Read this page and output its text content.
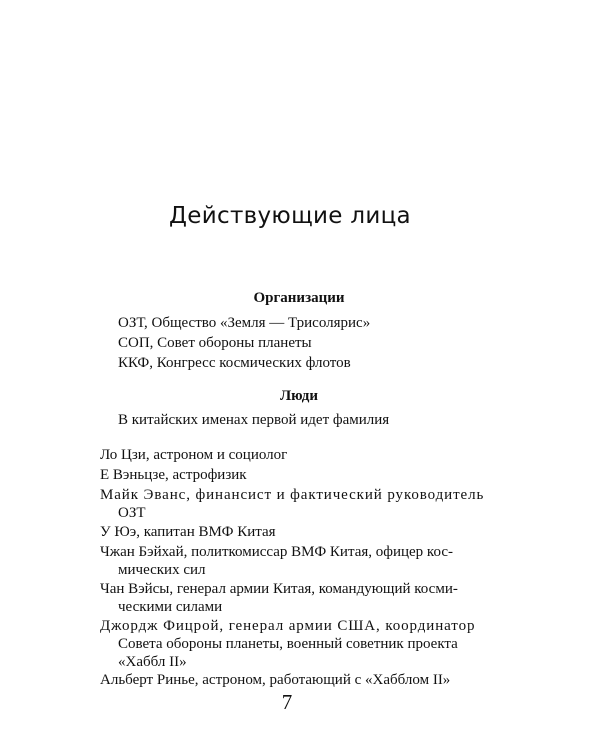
Действующие лица
Организации
ОЗТ, Общество «Земля — Трисолярис»
СОП, Совет обороны планеты
ККФ, Конгресс космических флотов
Люди
В китайских именах первой идет фамилия
Ло Цзи, астроном и социолог
Е Вэньцзе, астрофизик
Майк Эванс, финансист и фактический руководитель
ОЗТ
У Юэ, капитан ВМФ Китая
Чжан Бэйхай, политкомиссар ВМФ Китая, офицер кос-
мических сил
Чан Вэйсы, генерал армии Китая, командующий косми-
ческими силами
Джордж Фицрой, генерал армии США, координатор
Совета обороны планеты, военный советник проекта
«Хаббл II»
Альберт Ринье, астроном, работающий с «Хабблом II»
7
